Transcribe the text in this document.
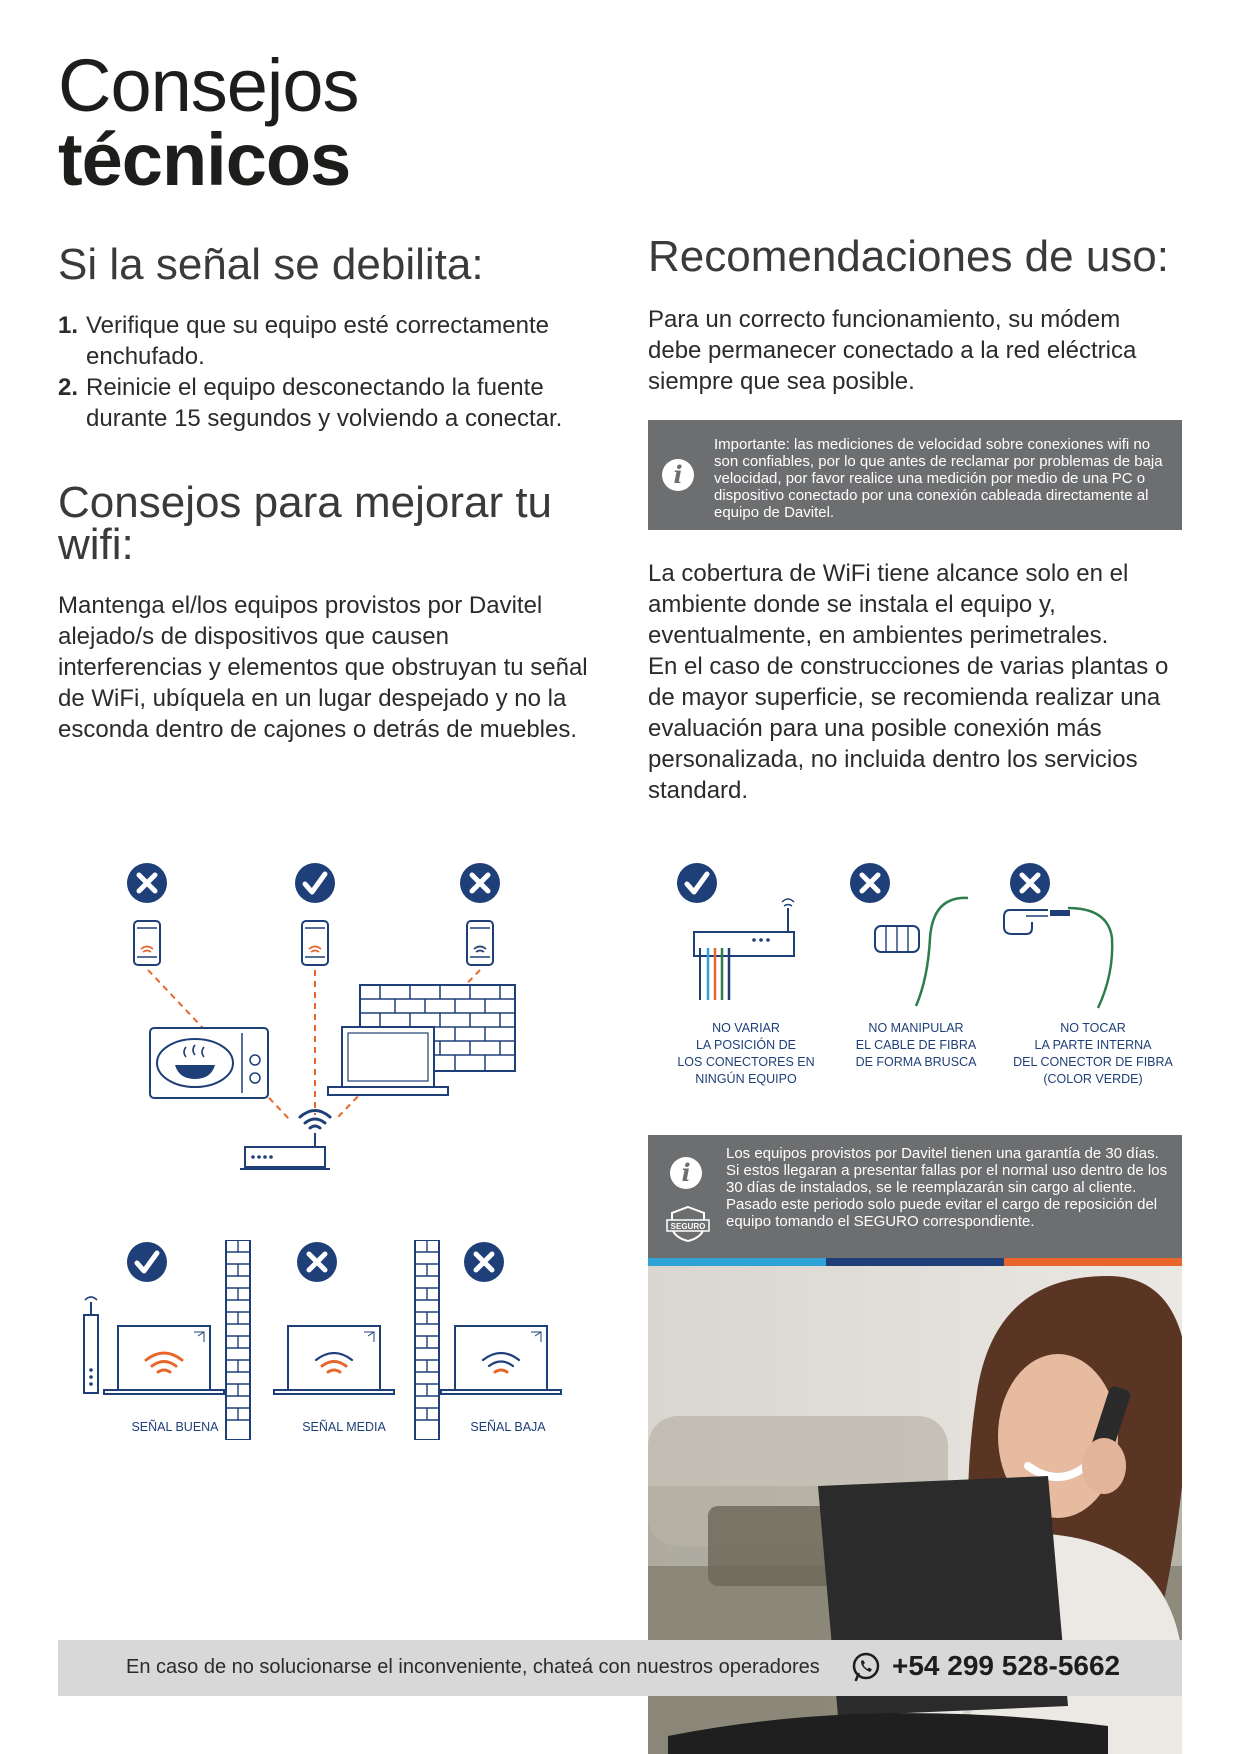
Consejos
técnicos
Si la señal se debilita:
1. Verifique que su equipo esté correctamente enchufado.
2. Reinicie el equipo desconectando la fuente durante 15 segundos y volviendo a conectar.
Consejos para mejorar tu wifi:
Mantenga el/los equipos provistos por Davitel alejado/s de dispositivos que causen interferencias y elementos que obstruyan tu señal de WiFi, ubíquela en un lugar despejado y no la esconda dentro de cajones o detrás de muebles.
Recomendaciones de uso:
Para un correcto funcionamiento, su módem debe permanecer conectado a la red eléctrica siempre que sea posible.
i
Importante: las mediciones de velocidad sobre conexiones wifi no son confiables, por lo que antes de reclamar por problemas de baja velocidad, por favor realice una medición por medio de una PC o dispositivo conectado por una conexión cableada directamente al equipo de Davitel.
La cobertura de WiFi tiene alcance solo en el ambiente donde se instala el equipo y, eventualmente, en ambientes perimetrales.
En el caso de construcciones de varias plantas o de mayor superficie, se recomienda realizar una evaluación para una posible conexión más personalizada, no incluida dentro los servicios standard.
SEÑAL BUENA	SEÑAL MEDIA	SEÑAL BAJA
NO VARIAR
LA POSICIÓN DE
LOS CONECTORES EN
NINGÚN EQUIPO
NO MANIPULAR
EL CABLE DE FIBRA
DE FORMA BRUSCA
NO TOCAR
LA PARTE INTERNA
DEL CONECTOR DE FIBRA
(COLOR VERDE)
i
SEGURO
Los equipos provistos por Davitel tienen una garantía de 30 días. Si estos llegaran a presentar fallas por el normal uso dentro de los 30 días de instalados, se le reemplazarán sin cargo al cliente.
Pasado este periodo solo puede evitar el cargo de reposición del equipo tomando el SEGURO correspondiente.
En caso de no solucionarse el inconveniente, chateá con nuestros operadores	+54 299 528-5662
